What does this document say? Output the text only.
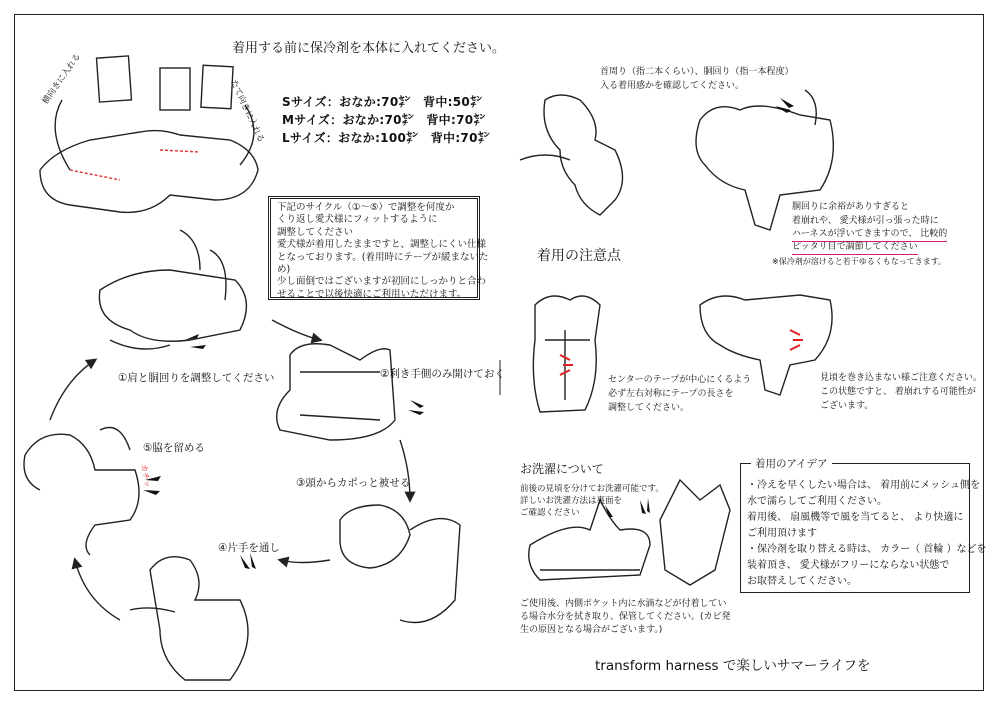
着用する前に保冷剤を本体に入れてください。
Sサイズ：おなか:70㌢　背中:50㌢
Mサイズ：おなか:70㌢　背中:70㌢
Lサイズ：おなか:100㌢　背中:70㌢
横向きに入れる	たて向きに入れる
カチッ
下記のサイクル（①〜⑤）で調整を何度か
くり返し愛犬様にフィットするように
調整してください
愛犬様が着用したままですと、調整しにくい仕様
となっております。(着用時にテープが緩まないた
め)
少し面倒ではございますが初回にしっかりと合わ
せることで以後快適にご利用いただけます。
①肩と胴回りを調整してください	②利き手側のみ開けておく
③頭からカポっと被せる
④片手を通し
⑤脇を留める
首周り（指二本くらい）、胴回り（指一本程度）
入る着用感かを確認してください。
胴回りに余裕がありすぎると
着崩れや、 愛犬様が引っ張った時に
ハーネスが浮いてきますので、 比較的
ピッタリ目で調節してください
※保冷剤が溶けると若干ゆるくもなってきます。
着用の注意点
センターのテープが中心にくるよう
必ず左右対称にテープの長さを
調整してください。
見頃を巻き込まない様ご注意ください。
この状態ですと、 着崩れする可能性が
ございます。
お洗濯について
前後の見頃を分けてお洗濯可能です。
詳しいお洗濯方法は裏面を
ご確認ください
ご使用後、内側ポケット内に水滴などが付着してい
る場合水分を拭き取り、保管してください。(カビ発
生の原因となる場合がございます。)
着用のアイデア
・冷えを早くしたい場合は、 着用前にメッシュ側を
水で濡らしてご利用ください。
着用後、 扇風機等で風を当てると、 より快適に
ご利用頂けます
・保冷剤を取り替える時は、 カラー（ 首輪 ）などを
装着頂き、 愛犬様がフリーにならない状態で
お取替えしてください。
transform harness で楽しいサマーライフを
